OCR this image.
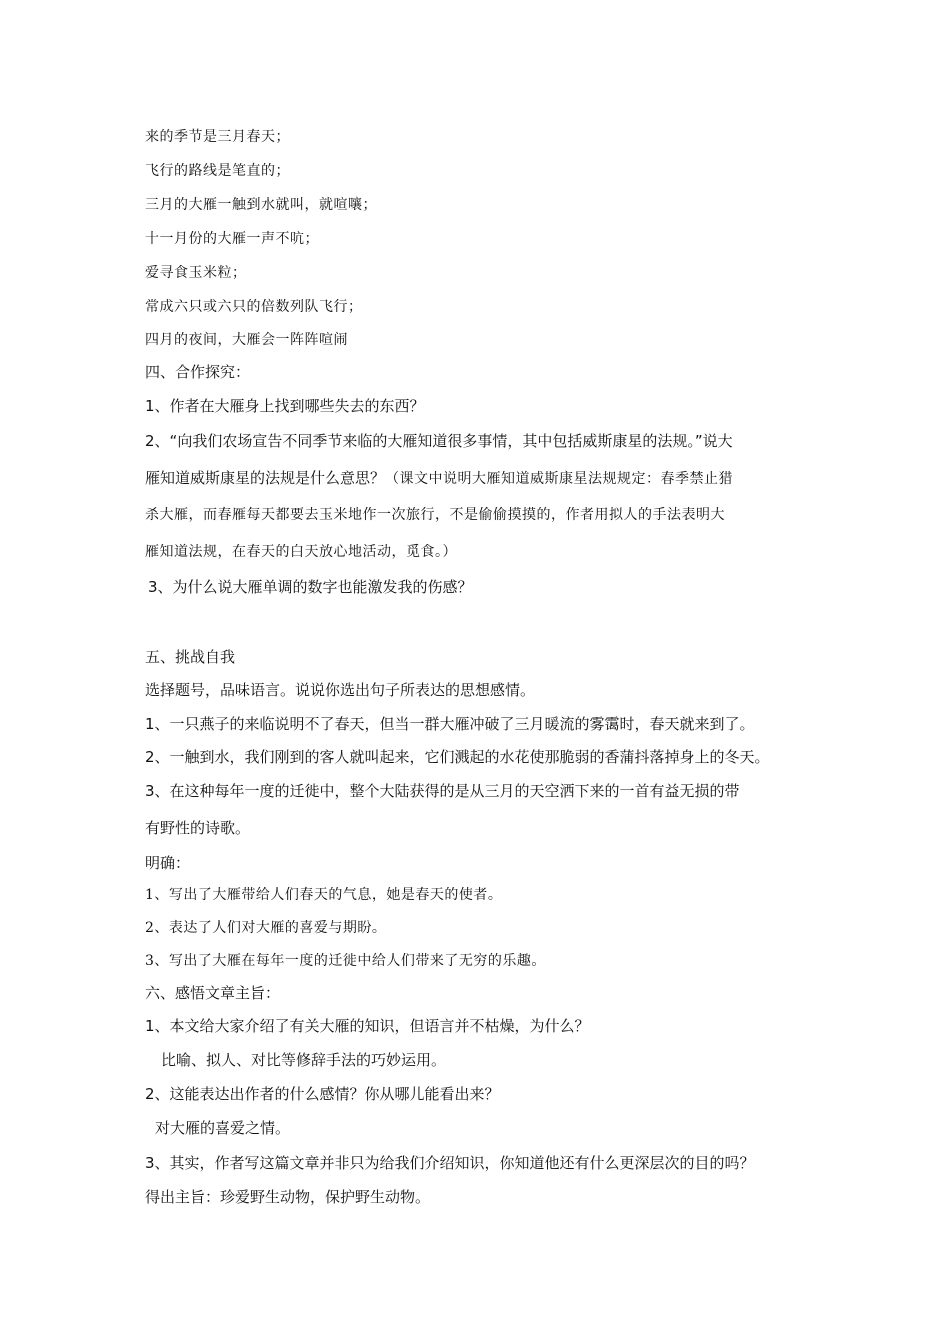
来的季节是三月春天；
飞行的路线是笔直的；
三月的大雁一触到水就叫，就喧嚷；
十一月份的大雁一声不吭；
爱寻食玉米粒；
常成六只或六只的倍数列队飞行；
四月的夜间，大雁会一阵阵喧闹
四、合作探究：
1、作者在大雁身上找到哪些失去的东西？
2、“向我们农场宣告不同季节来临的大雁知道很多事情，其中包括威斯康星的法规。”说大
雁知道威斯康星的法规是什么意思？（课文中说明大雁知道威斯康星法规规定：春季禁止猎
杀大雁，而春雁每天都要去玉米地作一次旅行，不是偷偷摸摸的，作者用拟人的手法表明大
雁知道法规，在春天的白天放心地活动，觅食。）
3、为什么说大雁单调的数字也能激发我的伤感？
五、挑战自我
选择题号，品味语言。说说你选出句子所表达的思想感情。
1、一只燕子的来临说明不了春天，但当一群大雁冲破了三月暖流的雾霭时，春天就来到了。
2、一触到水，我们刚到的客人就叫起来，它们溅起的水花使那脆弱的香蒲抖落掉身上的冬天。
3、在这种每年一度的迁徙中，整个大陆获得的是从三月的天空洒下来的一首有益无损的带
有野性的诗歌。
明确：
1、写出了大雁带给人们春天的气息，她是春天的使者。
2、表达了人们对大雁的喜爱与期盼。
3、写出了大雁在每年一度的迁徙中给人们带来了无穷的乐趣。
六、感悟文章主旨：
1、本文给大家介绍了有关大雁的知识，但语言并不枯燥，为什么？
比喻、拟人、对比等修辞手法的巧妙运用。
2、这能表达出作者的什么感情？你从哪儿能看出来？
对大雁的喜爱之情。
3、其实，作者写这篇文章并非只为给我们介绍知识，你知道他还有什么更深层次的目的吗？
得出主旨：珍爱野生动物，保护野生动物。
